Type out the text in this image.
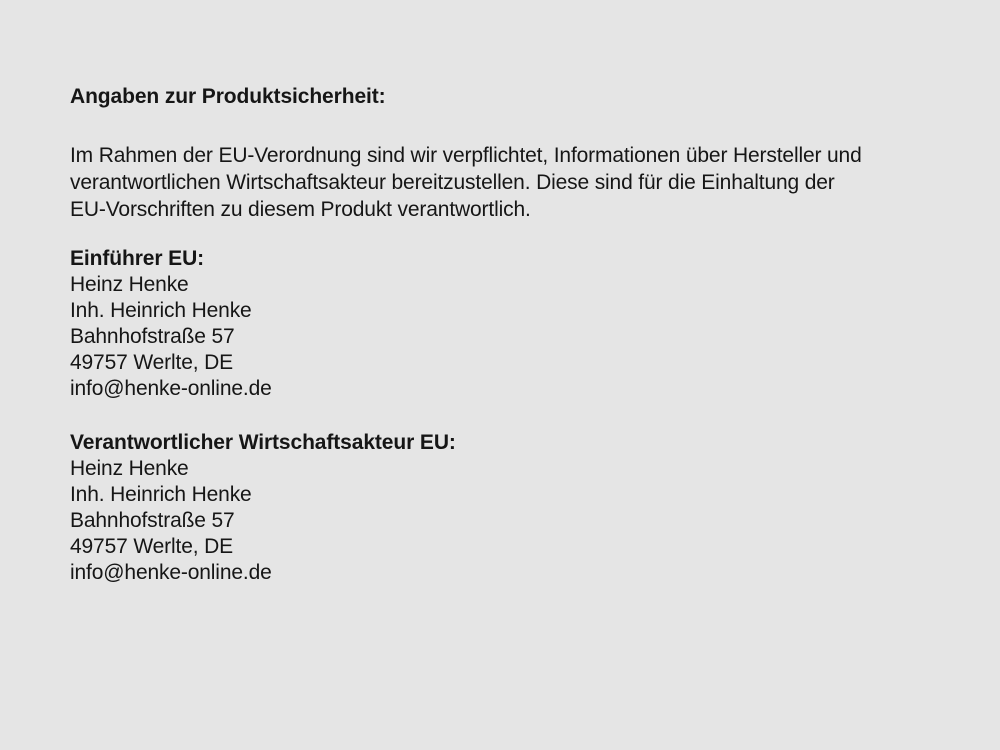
Angaben zur Produktsicherheit:
Im Rahmen der EU-Verordnung sind wir verpflichtet, Informationen über Hersteller und
verantwortlichen Wirtschaftsakteur bereitzustellen. Diese sind für die Einhaltung der
EU-Vorschriften zu diesem Produkt verantwortlich.
Einführer EU:
Heinz Henke
Inh. Heinrich Henke
Bahnhofstraße 57
49757 Werlte, DE
info@henke-online.de
Verantwortlicher Wirtschaftsakteur EU:
Heinz Henke
Inh. Heinrich Henke
Bahnhofstraße 57
49757 Werlte, DE
info@henke-online.de
